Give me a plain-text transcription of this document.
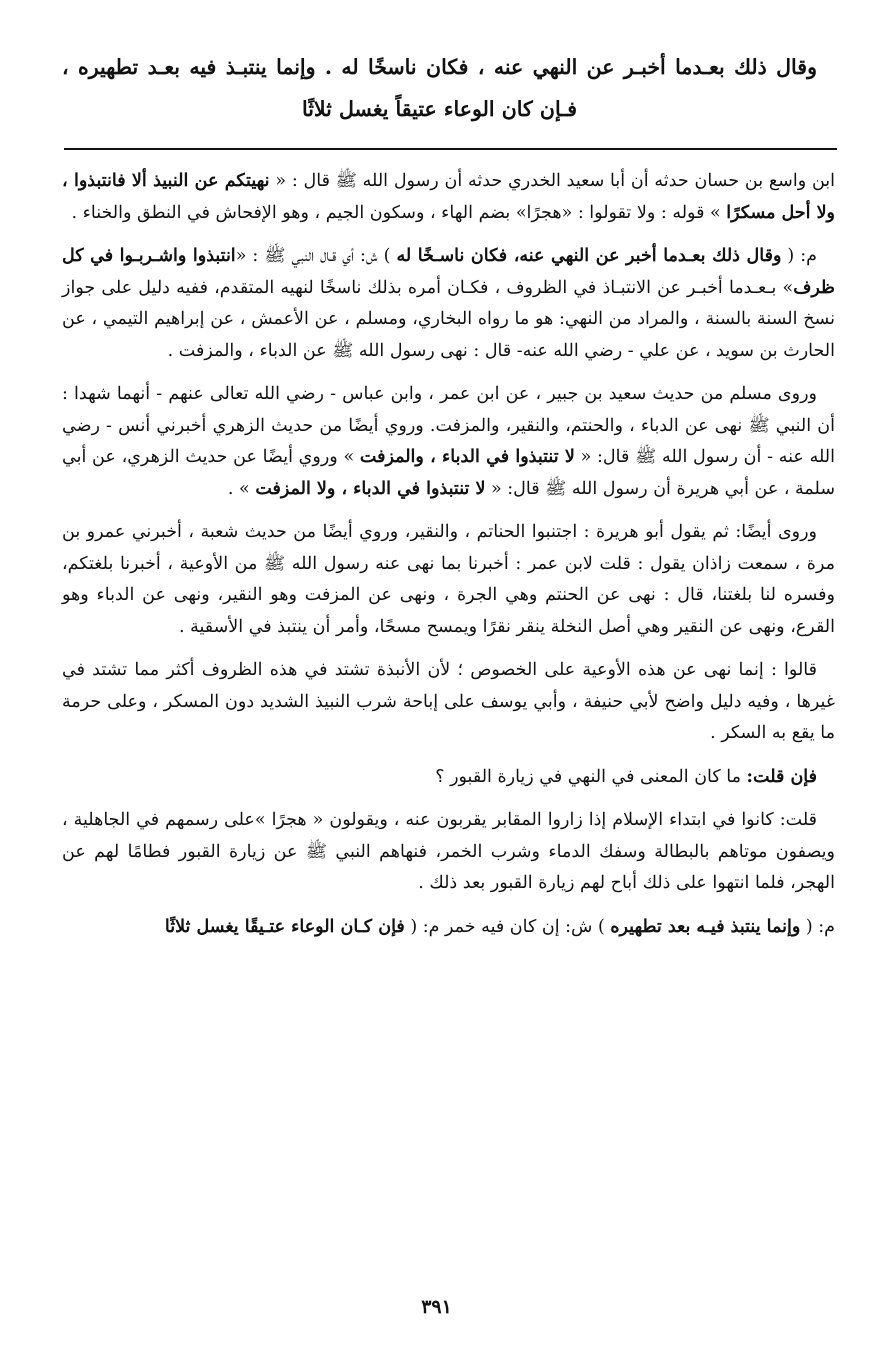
وقال ذلك بعـدما أخبـر عن النهي عنه ، فكان ناسخًا له . وإنما ينتبـذ فيه بعـد تطهيره ، فـإن كان الوعاء عتيقاً يغسل ثلاثًا

ابن واسع بن حسان حدثه أن أبا سعيد الخدري حدثه أن رسول الله ﷺ قال : « نهيتكم عن النبيذ ألا فانتبذوا ، ولا أحل مسكرًا » قوله : ولا تقولوا : «هجرًا» بضم الهاء ، وسكون الجيم ، وهو الإفحاش في النطق والخناء .

م: ( وقال ذلك بعـدما أخبر عن النهي عنه، فكان ناسـخًا له ) ش: أي قـال النبي ﷺ : «انتبذوا واشـربـوا في كل ظرف» بـعـدما أخبـر عن الانتبـاذ في الظروف ، فكـان أمره بذلك ناسخًا لنهيه المتقدم، ففيه دليل على جواز نسخ السنة بالسنة ، والمراد من النهي: هو ما رواه البخاري، ومسلم ، عن الأعمش ، عن إبراهيم التيمي ، عن الحارث بن سويد ، عن علي - رضي الله عنه- قال : نهى رسول الله ﷺ عن الدباء ، والمزفت .

وروى مسلم من حديث سعيد بن جبير ، عن ابن عمر ، وابن عباس - رضي الله تعالى عنهم - أنهما شهدا : أن النبي ﷺ نهى عن الدباء ، والحنتم، والنقير، والمزفت. وروي أيضًا من حديث الزهري أخبرني أنس - رضي الله عنه - أن رسول الله ﷺ قال: « لا تنتبذوا في الدباء ، والمزفت » وروي أيضًا عن حديث الزهري، عن أبي سلمة ، عن أبي هريرة أن رسول الله ﷺ قال: « لا تنتبذوا في الدباء ، ولا المزفت » .

وروى أيضًا: ثم يقول أبو هريرة : اجتنبوا الحناتم ، والنقير، وروي أيضًا من حديث شعبة ، أخبرني عمرو بن مرة ، سمعت زاذان يقول : قلت لابن عمر : أخبرنا بما نهى عنه رسول الله ﷺ من الأوعية ، أخبرنا بلغتكم، وفسره لنا بلغتنا، قال : نهى عن الحنتم وهي الجرة ، ونهى عن المزفت وهو النقير، ونهى عن الدباء وهو القرع، ونهى عن النقير وهي أصل النخلة ينقر نقرًا ويمسح مسحًا، وأمر أن ينتبذ في الأسقية .

قالوا : إنما نهى عن هذه الأوعية على الخصوص ؛ لأن الأنبذة تشتد في هذه الظروف أكثر مما تشتد في غيرها ، وفيه دليل واضح لأبي حنيفة ، وأبي يوسف على إباحة شرب النبيذ الشديد دون المسكر ، وعلى حرمة ما يقع به السكر .

فإن قلت: ما كان المعنى في النهي في زيارة القبور ؟

قلت: كانوا في ابتداء الإسلام إذا زاروا المقابر يقربون عنه ، ويقولون « هجرًا »على رسمهم في الجاهلية ، ويصفون موتاهم بالبطالة وسفك الدماء وشرب الخمر، فنهاهم النبي ﷺ عن زيارة القبور فطامًا لهم عن الهجر، فلما انتهوا على ذلك أباح لهم زيارة القبور بعد ذلك .

م: ( وإنما ينتبذ فيـه بعد تطهيره ) ش: إن كان فيه خمر م: ( فإن كـان الوعاء عتـيقًا يغسل ثلاثًا

٣٩١
